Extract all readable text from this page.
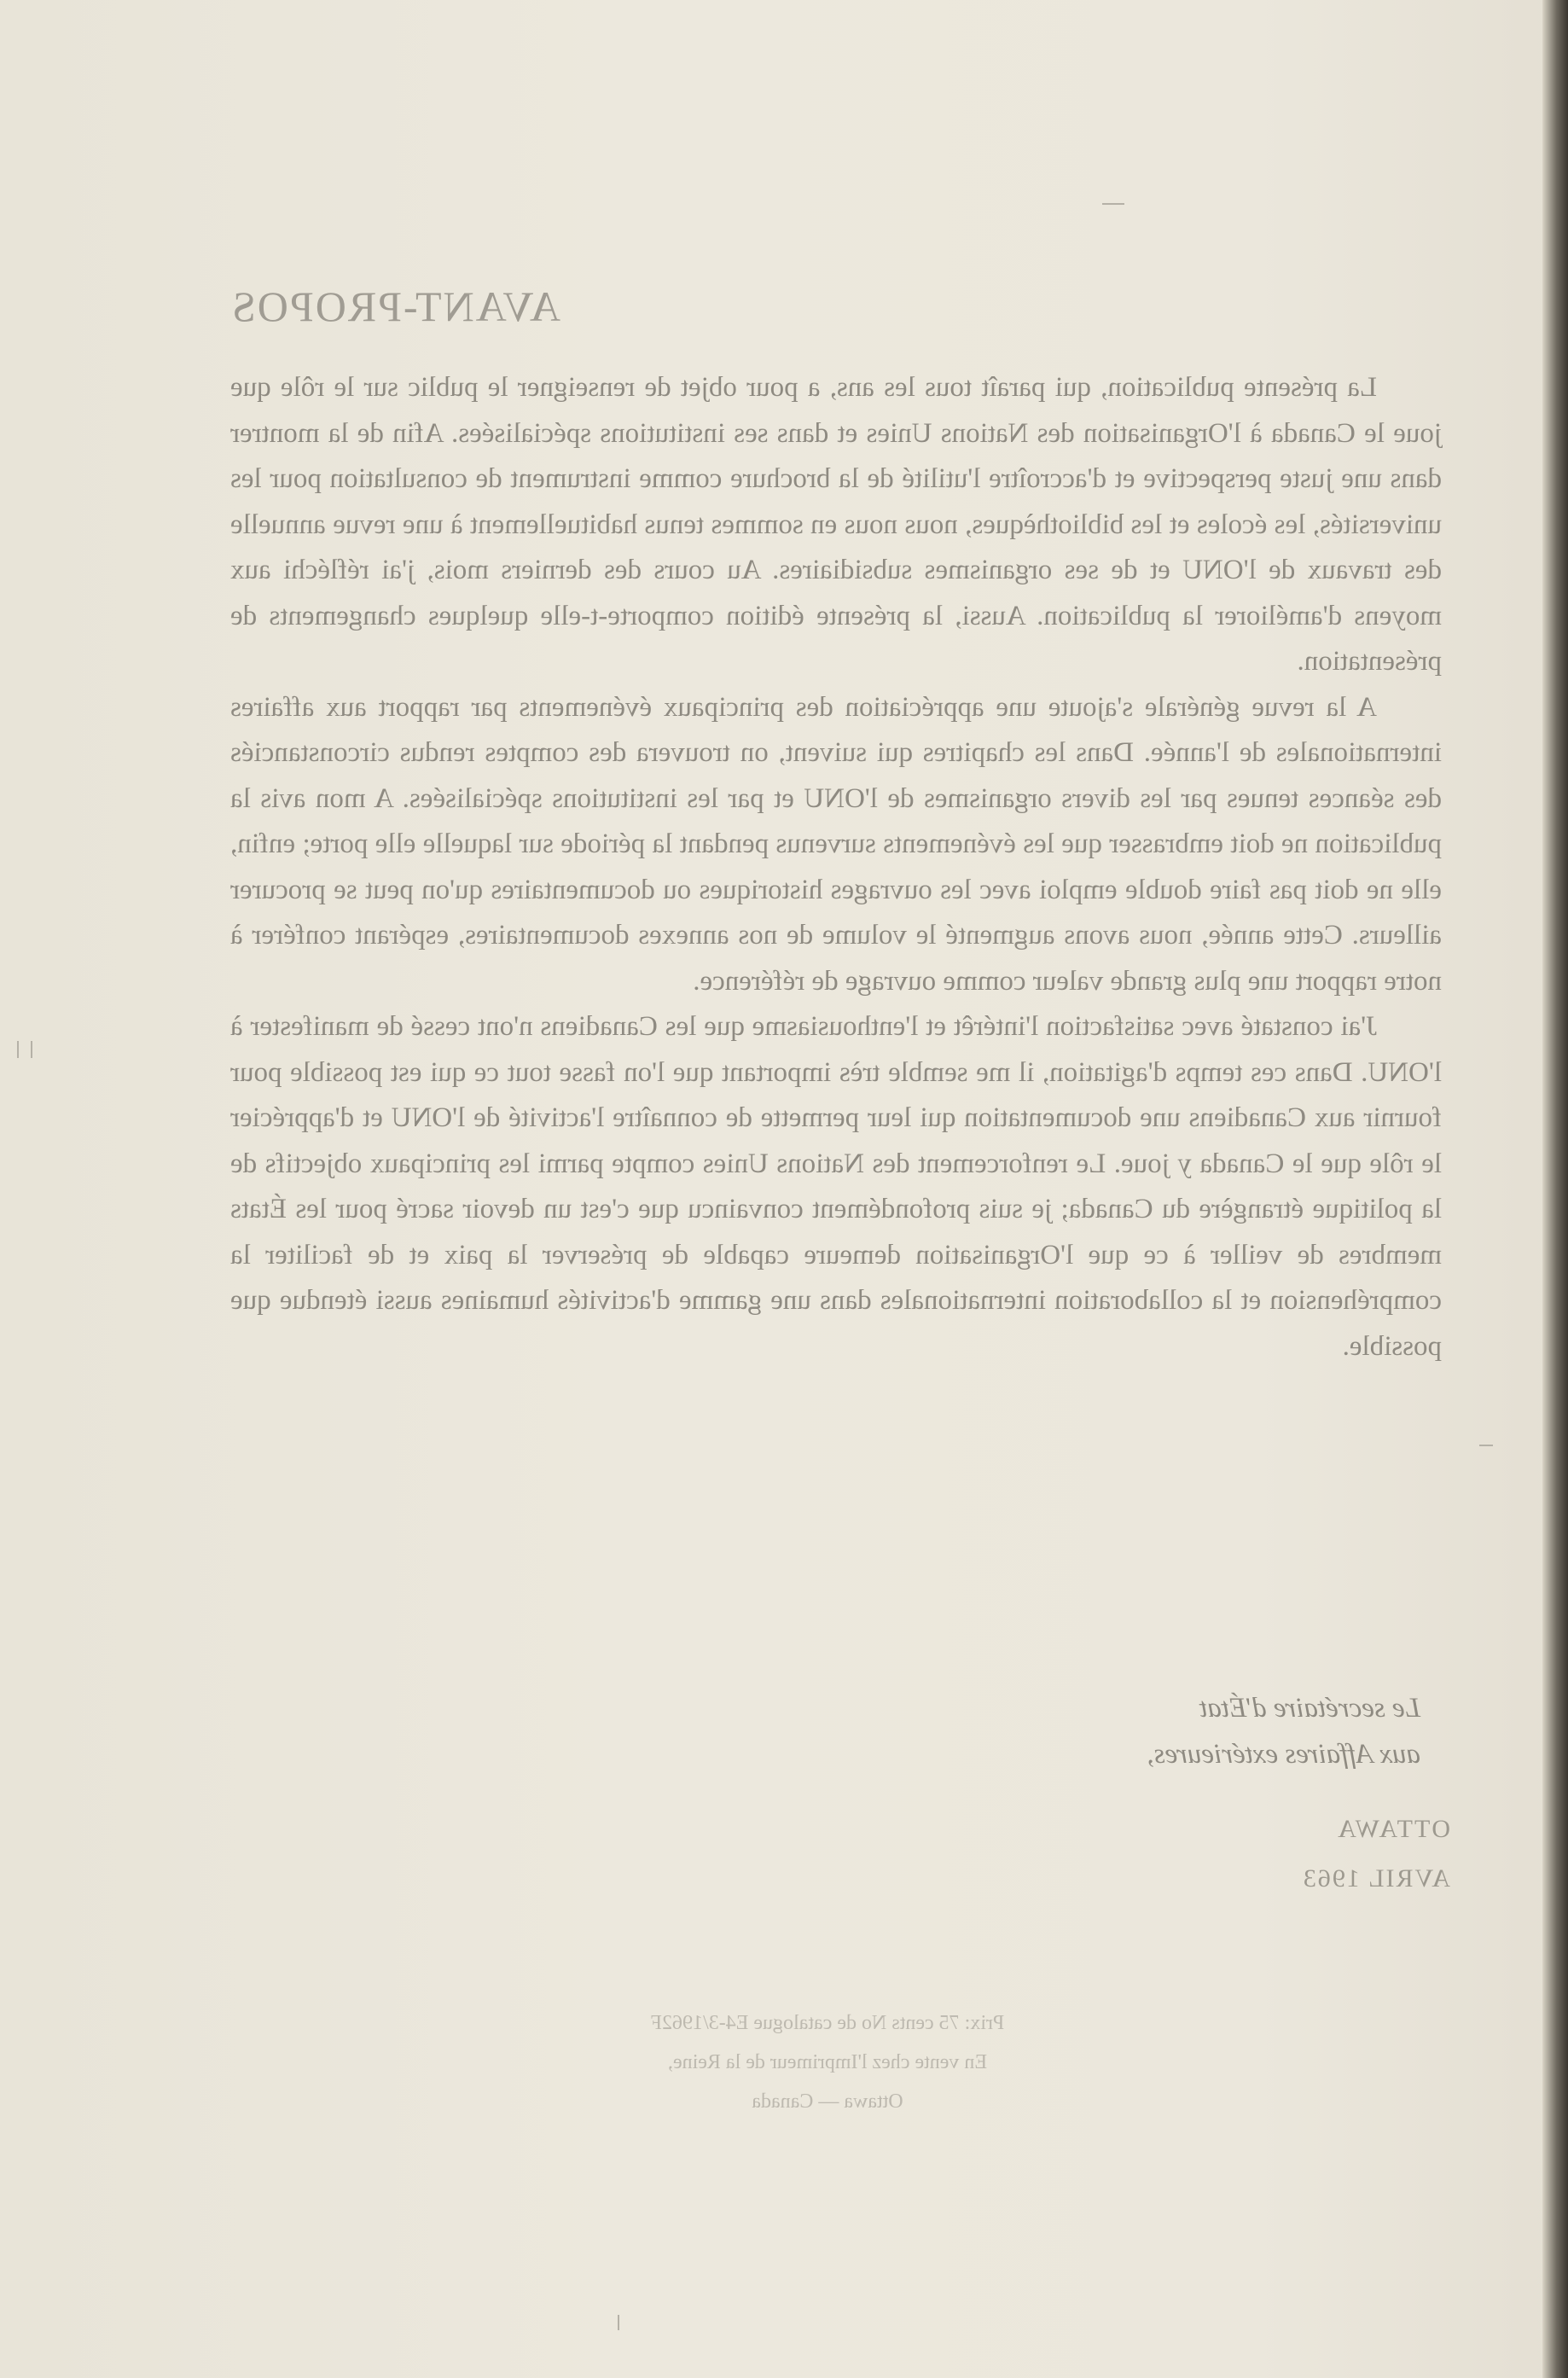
AVANT-PROPOS

La présente publication, qui paraît tous les ans, a pour objet de renseigner le public sur le rôle que joue le Canada à l'Organisation des Nations Unies et dans ses institutions spécialisées. Afin de la montrer dans une juste perspective et d'accroître l'utilité de la brochure comme instrument de consultation pour les universités, les écoles et les bibliothèques, nous nous en sommes tenus habituellement à une revue annuelle des travaux de l'ONU et de ses organismes subsidiaires. Au cours des derniers mois, j'ai réfléchi aux moyens d'améliorer la publication. Aussi, la présente édition comporte-t-elle quelques changements de présentation.

A la revue générale s'ajoute une appréciation des principaux événements par rapport aux affaires internationales de l'année. Dans les chapitres qui suivent, on trouvera des comptes rendus circonstanciés des séances tenues par les divers organismes de l'ONU et par les institutions spécialisées. A mon avis la publication ne doit embrasser que les événements survenus pendant la période sur laquelle elle porte; enfin, elle ne doit pas faire double emploi avec les ouvrages historiques ou documentaires qu'on peut se procurer ailleurs. Cette année, nous avons augmenté le volume de nos annexes documentaires, espérant conférer à notre rapport une plus grande valeur comme ouvrage de référence.

J'ai constaté avec satisfaction l'intérêt et l'enthousiasme que les Canadiens n'ont cessé de manifester à l'ONU. Dans ces temps d'agitation, il me semble très important que l'on fasse tout ce qui est possible pour fournir aux Canadiens une documentation qui leur permette de connaître l'activité de l'ONU et d'apprécier le rôle que le Canada y joue. Le renforcement des Nations Unies compte parmi les principaux objectifs de la politique étrangère du Canada; je suis profondément convaincu que c'est un devoir sacré pour les États membres de veiller à ce que l'Organisation demeure capable de préserver la paix et de faciliter la compréhension et la collaboration internationales dans une gamme d'activités humaines aussi étendue que possible.

Le secrétaire d'État
aux Affaires extérieures,
OTTAWA
AVRIL 1963
Prix: 75 cents No de catalogue E4-3/1962F
En vente chez l'Imprimeur de la Reine,
Ottawa — Canada
